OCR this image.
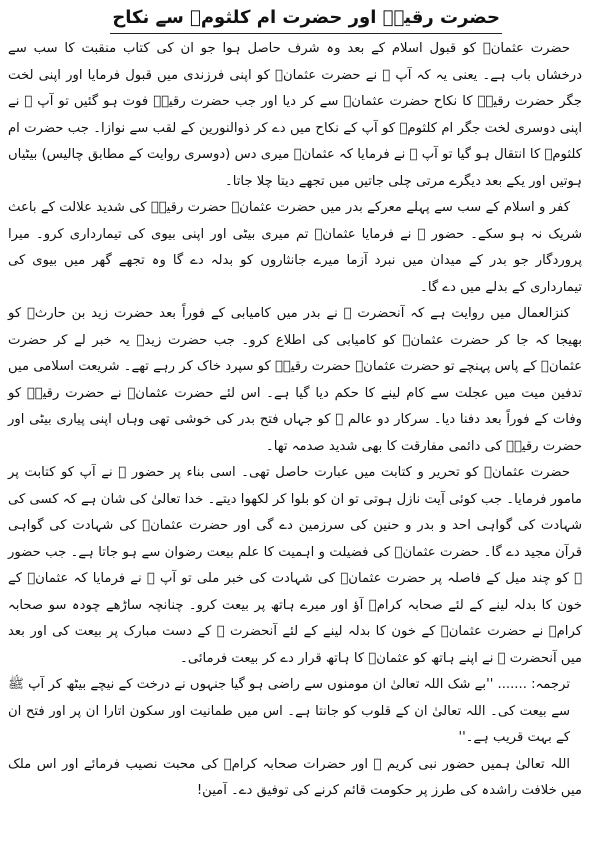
حضرت رقیہؓ اور حضرت ام کلثومؓ سے نکاح

حضرت عثمانؓ کو قبول اسلام کے بعد وہ شرف حاصل ہوا جو ان کی کتاب منقبت کا سب سے درخشاں باب ہے۔ یعنی یہ کہ آپ ﷺ نے حضرت عثمانؓ کو اپنی فرزندی میں قبول فرمایا اور اپنی لخت جگر حضرت رقیہؓ کا نکاح حضرت عثمانؓ سے کر دیا اور جب حضرت رقیہؓ فوت ہو گئیں تو آپ ﷺ نے اپنی دوسری لخت جگر ام کلثومؓ کو آپ کے نکاح میں دے کر ذوالنورین کے لقب سے نوازا۔ جب حضرت ام کلثومؓ کا انتقال ہو گیا تو آپ ﷺ نے فرمایا کہ عثمانؓ میری دس (دوسری روایت کے مطابق چالیس) بیٹیاں ہوتیں اور یکے بعد دیگرے مرتی چلی جاتیں میں تجھے دیتا چلا جاتا۔

کفر و اسلام کے سب سے پہلے معرکے بدر میں حضرت عثمانؓ حضرت رقیہؓ کی شدید علالت کے باعث شریک نہ ہو سکے۔ حضور ﷺ نے فرمایا عثمانؓ تم میری بیٹی اور اپنی بیوی کی تیمارداری کرو۔ میرا پروردگار جو بدر کے میدان میں نبرد آزما میرے جانثاروں کو بدلہ دے گا وہ تجھے گھر میں بیوی کی تیمارداری کے بدلے میں دے گا۔

کنزالعمال میں روایت ہے کہ آنحضرت ﷺ نے بدر میں کامیابی کے فوراً بعد حضرت زید بن حارثؓ کو بھیجا کہ جا کر حضرت عثمانؓ کو کامیابی کی اطلاع کرو۔ جب حضرت زیدؓ یہ خبر لے کر حضرت عثمانؓ کے پاس پہنچے تو حضرت عثمانؓ حضرت رقیہؓ کو سپرد خاک کر رہے تھے۔ شریعت اسلامی میں تدفین میت میں عجلت سے کام لینے کا حکم دیا گیا ہے۔ اس لئے حضرت عثمانؓ نے حضرت رقیہؓ کو وفات کے فوراً بعد دفنا دیا۔ سرکار دو عالم ﷺ کو جہاں فتح بدر کی خوشی تھی وہاں اپنی پیاری بیٹی اور حضرت رقیہؓ کی دائمی مفارقت کا بھی شدید صدمہ تھا۔

حضرت عثمانؓ کو تحریر و کتابت میں عبارت حاصل تھی۔ اسی بناء پر حضور ﷺ نے آپ کو کتابت پر مامور فرمایا۔ جب کوئی آیت نازل ہوتی تو ان کو بلوا کر لکھوا دیتے۔ خدا تعالیٰ کی شان ہے کہ کسی کی شہادت کی گواہی احد و بدر و حنین کی سرزمین دے گی اور حضرت عثمانؓ کی شہادت کی گواہی قرآن مجید دے گا۔ حضرت عثمانؓ کی فضیلت و اہمیت کا علم بیعت رضوان سے ہو جاتا ہے۔ جب حضور ﷺ کو چند میل کے فاصلہ پر حضرت عثمانؓ کی شہادت کی خبر ملی تو آپ ﷺ نے فرمایا کہ عثمانؓ کے خون کا بدلہ لینے کے لئے صحابہ کرامؓ آؤ اور میرے ہاتھ پر بیعت کرو۔ چنانچہ ساڑھے چودہ سو صحابہ کرامؓ نے حضرت عثمانؓ کے خون کا بدلہ لینے کے لئے آنحضرت ﷺ کے دست مبارک پر بیعت کی اور بعد میں آنحضرت ﷺ نے اپنے ہاتھ کو عثمانؓ کا ہاتھ قرار دے کر بیعت فرمائی۔

ترجمہ: ....... ''بے شک اللہ تعالیٰ ان مومنوں سے راضی ہو گیا جنہوں نے درخت کے نیچے بیٹھ کر آپ ﷺ سے بیعت کی۔ اللہ تعالیٰ ان کے قلوب کو جانتا ہے۔ اس میں طمانیت اور سکون اتارا ان پر اور فتح ان کے بہت قریب ہے۔''

اللہ تعالیٰ ہمیں حضور نبی کریم ﷺ اور حضرات صحابہ کرامؓ کی محبت نصیب فرمائے اور اس ملک میں خلافت راشدہ کی طرز پر حکومت قائم کرنے کی توفیق دے۔ آمین!
